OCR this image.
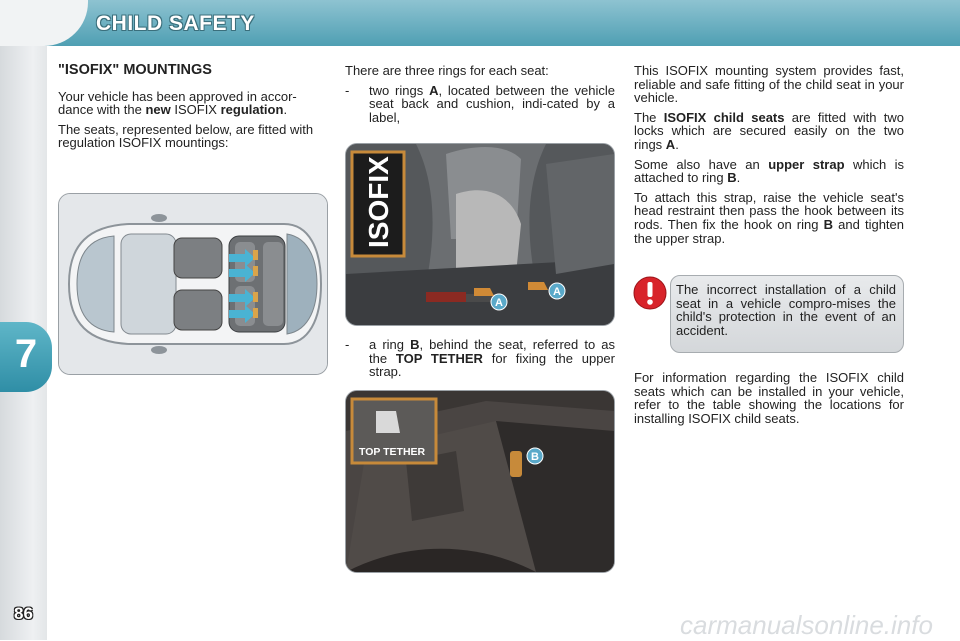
CHILD SAFETY
7
86
"ISOFIX" MOUNTINGS

Your vehicle has been approved in accor-dance with the new ISOFIX regulation.

The seats, represented below, are fitted with regulation ISOFIX mountings:

There are three rings for each seat:

-	two rings A, located between the vehicle seat back and cushion, indi-cated by a label,
ISOFIX
A
A
-	a ring B, behind the seat, referred to as the TOP TETHER for fixing the upper strap.
TOP TETHER	B

This ISOFIX mounting system provides fast, reliable and safe fitting of the child seat in your vehicle.

The ISOFIX child seats are fitted with two locks which are secured easily on the two rings A.

Some also have an upper strap which is attached to ring B.

To attach this strap, raise the vehicle seat's head restraint then pass the hook between its rods. Then fix the hook on ring B and tighten the upper strap.

The incorrect installation of a child seat in a vehicle compro-mises the child's protection in the event of an accident.
For information regarding the ISOFIX child seats which can be installed in your vehicle, refer to the table showing the locations for installing ISOFIX child seats.
carmanualsonline.info
